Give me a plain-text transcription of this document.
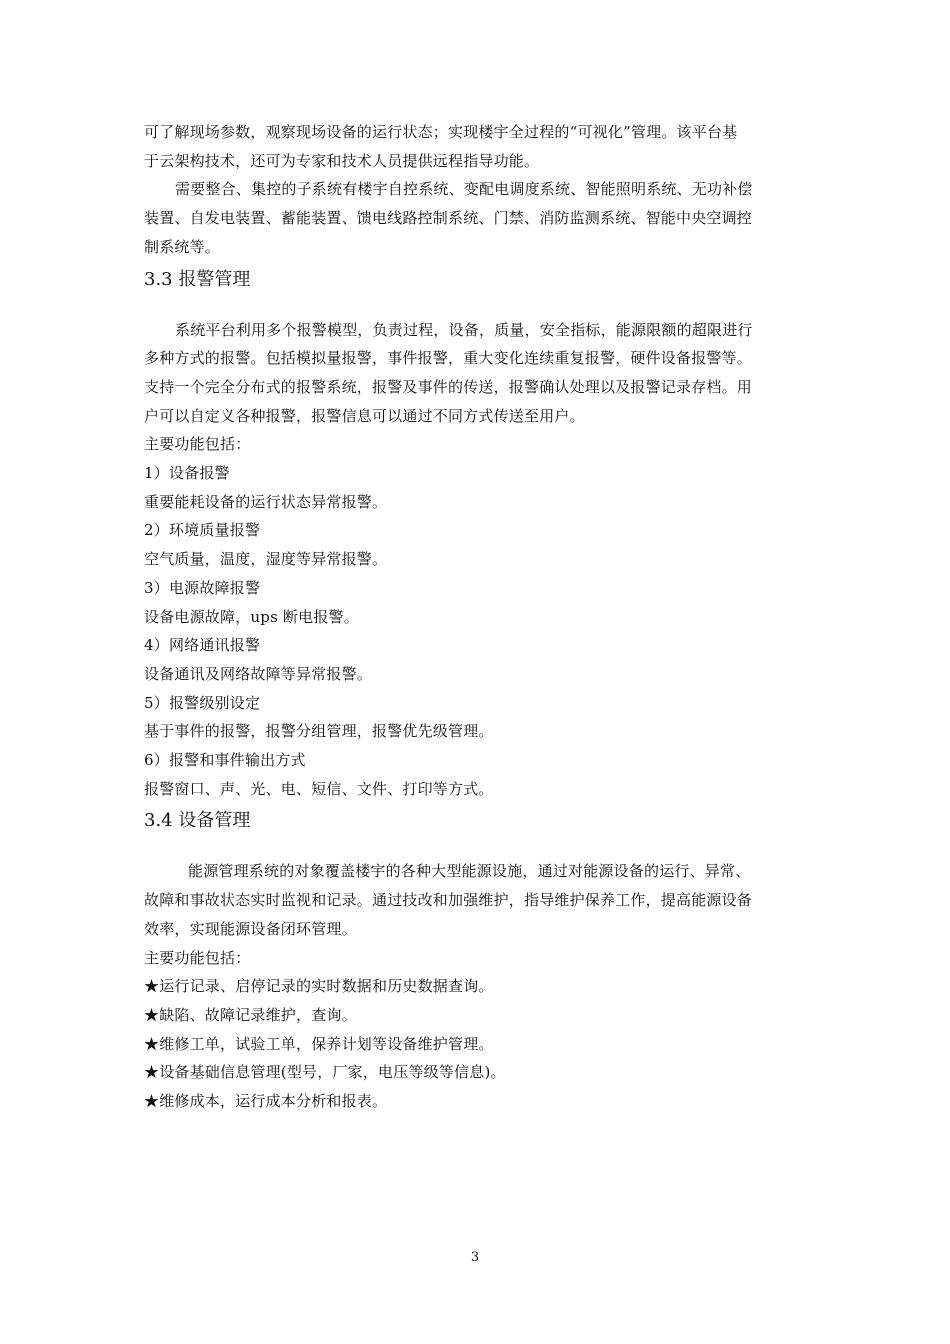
可了解现场参数，观察现场设备的运行状态；实现楼宇全过程的“可视化”管理。该平台基
于云架构技术，还可为专家和技术人员提供远程指导功能。
需要整合、集控的子系统有楼宇自控系统、变配电调度系统、智能照明系统、无功补偿
装置、自发电装置、蓄能装置、馈电线路控制系统、门禁、消防监测系统、智能中央空调控
制系统等。
3.3 报警管理
系统平台利用多个报警模型，负责过程，设备，质量，安全指标，能源限额的超限进行
多种方式的报警。包括模拟量报警，事件报警，重大变化连续重复报警，硬件设备报警等。
支持一个完全分布式的报警系统，报警及事件的传送，报警确认处理以及报警记录存档。用
户可以自定义各种报警，报警信息可以通过不同方式传送至用户。
主要功能包括：
1）设备报警
重要能耗设备的运行状态异常报警。
2）环境质量报警
空气质量，温度，湿度等异常报警。
3）电源故障报警
设备电源故障，ups 断电报警。
4）网络通讯报警
设备通讯及网络故障等异常报警。
5）报警级别设定
基于事件的报警，报警分组管理，报警优先级管理。
6）报警和事件输出方式
报警窗口、声、光、电、短信、文件、打印等方式。
3.4 设备管理
能源管理系统的对象覆盖楼宇的各种大型能源设施，通过对能源设备的运行、异常、
故障和事故状态实时监视和记录。通过技改和加强维护，指导维护保养工作，提高能源设备
效率，实现能源设备闭环管理。
主要功能包括：
★运行记录、启停记录的实时数据和历史数据查询。
★缺陷、故障记录维护，查询。
★维修工单，试验工单，保养计划等设备维护管理。
★设备基础信息管理(型号，厂家，电压等级等信息)。
★维修成本，运行成本分析和报表。
3
